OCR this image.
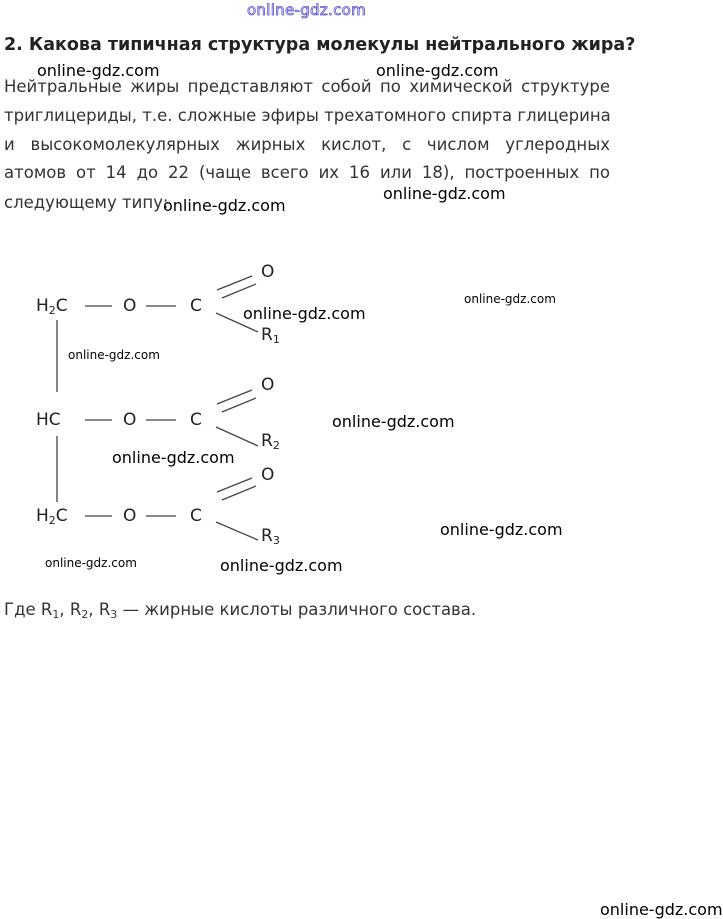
online-gdz.com
2. Какова типичная структура молекулы нейтрального жира?
Нейтральные жиры представляют собой по химической структуре
триглицериды, т.е. сложные эфиры трехатомного спирта глицерина
и высокомолекулярных жирных кислот, с числом углеродных
атомов от 14 до 22 (чаще всего их 16 или 18), построенных по
следующему типу:
$H_2C$	O	C
O
$R_1$
HC	O	C
O
$R_2$
$H_2C$	O	C
O
$R_3$
online-gdz.com	online-gdz.com
online-gdz.com
online-gdz.com
online-gdz.com
online-gdz.com
online-gdz.com
online-gdz.com
online-gdz.com
online-gdz.com
online-gdz.com	online-gdz.com
online-gdz.com
Где $R_1$, $R_2$, $R_3$ — жирные кислоты различного состава.
